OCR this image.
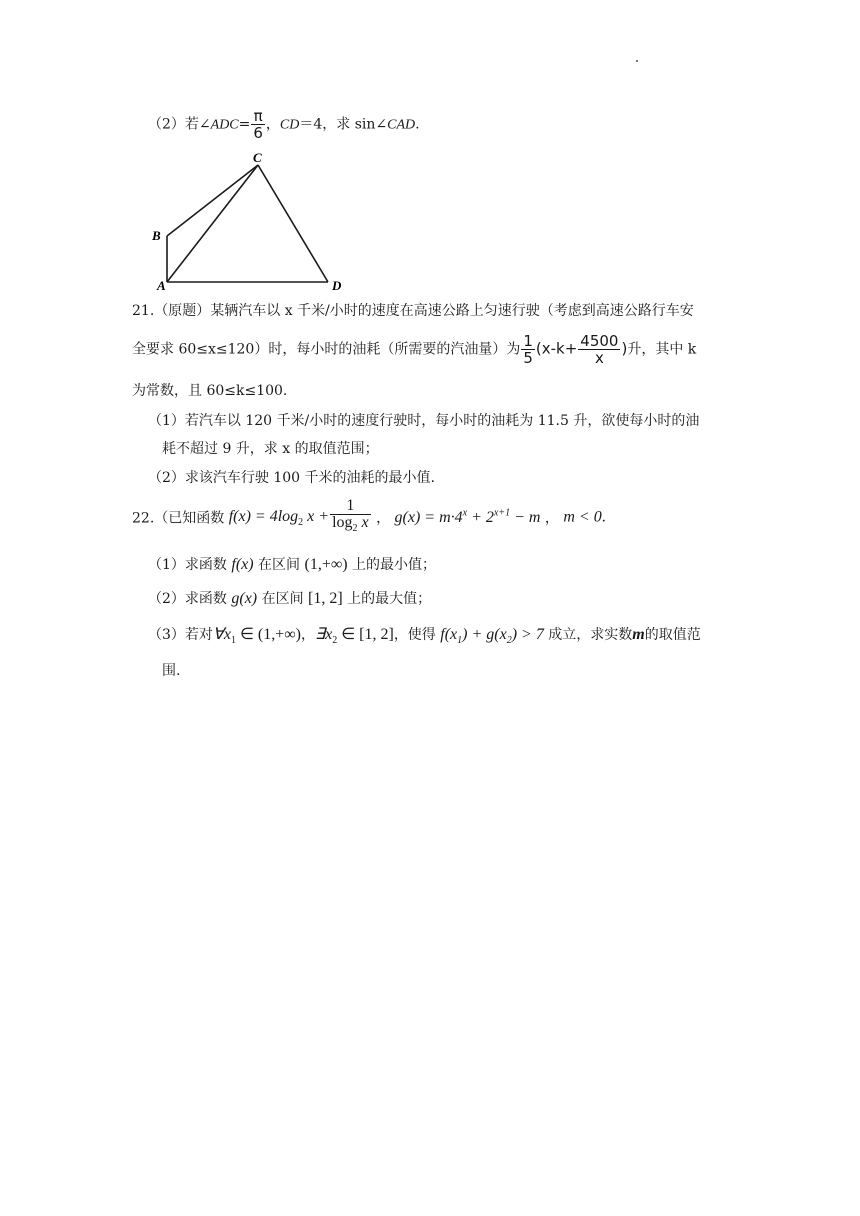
（2）若∠ADC= $\frac{\pi}{6}$ ，CD＝4，求 sin∠CAD.
C
B
A	D
21.（原题）某辆汽车以 x 千米/小时的速度在高速公路上匀速行驶（考虑到高速公路行车安
全要求 60≤x≤120）时，每小时的油耗（所需要的汽油量）为 $\frac{1}{5} (x-k+ \frac{4500}{x}$ )升，其中 k
为常数，且 60≤k≤100.
（1）若汽车以 120 千米/小时的速度行驶时，每小时的油耗为 11.5 升，欲使每小时的油
耗不超过 9 升，求 x 的取值范围；
（2）求该汽车行驶 100 千米的油耗的最小值.
22.（已知函数 $f(x) = 4\log_2$ $x + \frac{1}{\log_2 x}$ ， $g(x) = m\cdot 4^x + 2^{x+1} - m$ ， m < 0.
（1）求函数 f(x) 在区间 (1,+∞) 上的最小值；
（2）求函数 g(x) 在区间 [1, 2] 上的最大值；
（3）若对$\forall x_1$ ∈ (1,+∞)，$\exists x_2$ ∈ [1, 2]，使得 $f(x_1) + g(x_2) > 7$ 成立，求实数m的取值范
围.
